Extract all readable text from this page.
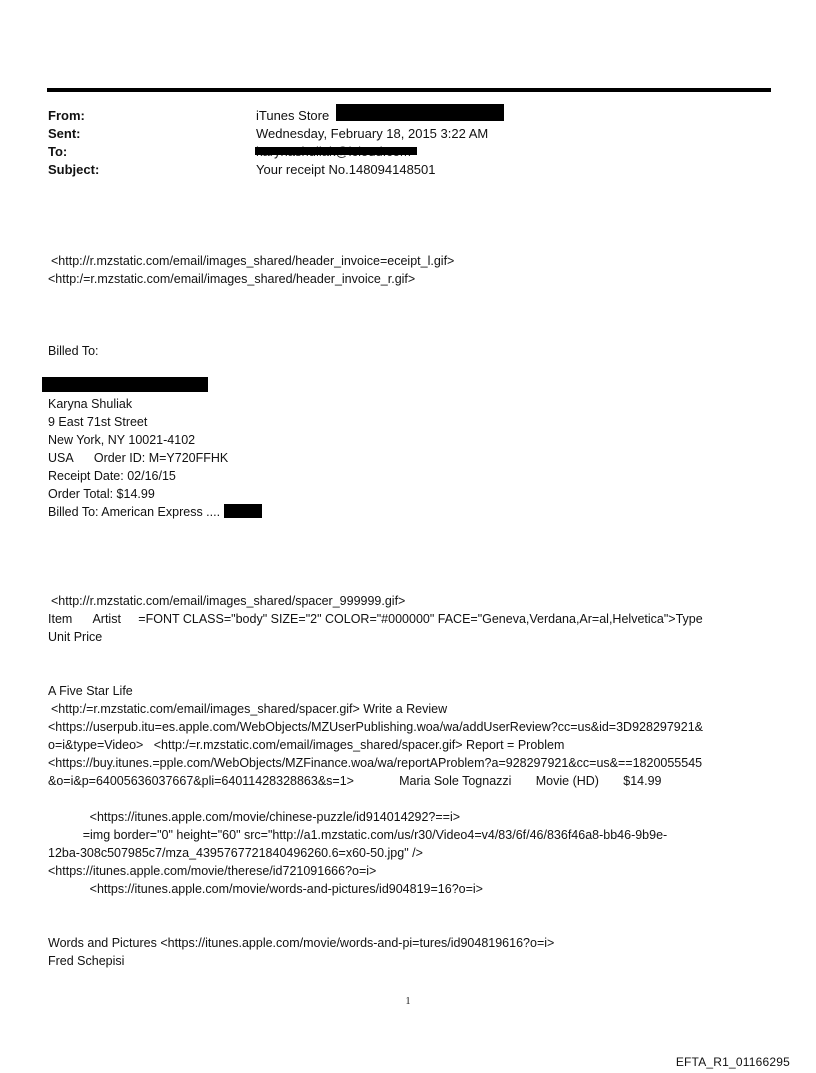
From:	iTunes Store
Sent:	Wednesday, February 18, 2015 3:22 AM
To:
Subject:	Your receipt No.148094148501
<http://r.mzstatic.com/email/images_shared/header_invoice=eceipt_l.gif>
<http:/=r.mzstatic.com/email/images_shared/header_invoice_r.gif>
Billed To:
Karyna Shuliak
9 East 71st Street
New York, NY 10021-4102
USA      Order ID: M=Y720FFHK
Receipt Date: 02/16/15
Order Total: $14.99
Billed To: American Express ....
<http://r.mzstatic.com/email/images_shared/spacer_999999.gif>
Item      Artist     =FONT CLASS="body" SIZE="2" COLOR="#000000" FACE="Geneva,Verdana,Ar=al,Helvetica">Type
Unit Price
A Five Star Life
<http:/=r.mzstatic.com/email/images_shared/spacer.gif> Write a Review
<https://userpub.itu=es.apple.com/WebObjects/MZUserPublishing.woa/wa/addUserReview?cc=us&id=3D928297921&
o=i&type=Video>   <http:/=r.mzstatic.com/email/images_shared/spacer.gif> Report = Problem
<https://buy.itunes.=pple.com/WebObjects/MZFinance.woa/wa/reportAProblem?a=928297921&cc=us&==1820055545
&o=i&p=64005636037667&pli=64011428328863&s=1>             Maria Sole Tognazzi       Movie (HD)       $14.99
<https://itunes.apple.com/movie/chinese-puzzle/id914014292?==i>
=img border="0" height="60" src="http://a1.mzstatic.com/us/r30/Video4=v4/83/6f/46/836f46a8-bb46-9b9e-
12ba-308c507985c7/mza_4395767721840496260.6=x60-50.jpg" />
<https://itunes.apple.com/movie/therese/id721091666?o=i>
<https://itunes.apple.com/movie/words-and-pictures/id904819=16?o=i>
Words and Pictures <https://itunes.apple.com/movie/words-and-pi=tures/id904819616?o=i>
Fred Schepisi
1
EFTA_R1_01166295
